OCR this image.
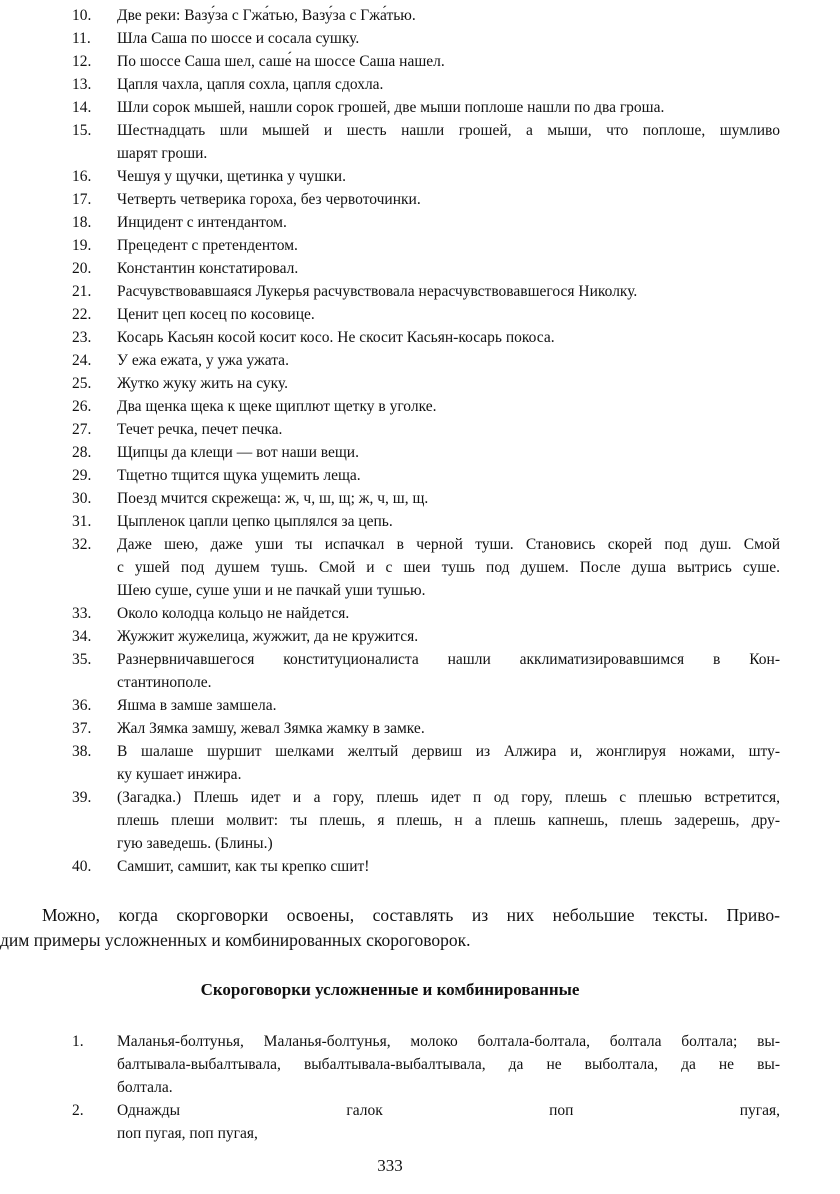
10.	Две реки: Вазу́за с Гжа́тью, Вазу́за с Гжа́тью.
11.	Шла Саша по шоссе и сосала сушку.
12.	По шоссе Саша шел, саше́ на шоссе Саша нашел.
13.	Цапля чахла, цапля сохла, цапля сдохла.
14.	Шли сорок мышей, нашли сорок грошей, две мыши поплоше нашли по два гроша.
15.	Шестнадцать шли мышей и шесть нашли грошей, а мыши, что поплоше, шумливо
шарят гроши.
16.	Чешуя у щучки, щетинка у чушки.
17.	Четверть четверика гороха, без червоточинки.
18.	Инцидент с интендантом.
19.	Прецедент с претендентом.
20.	Константин констатировал.
21.	Расчувствовавшаяся Лукерья расчувствовала нерасчувствовавшегося Николку.
22.	Ценит цеп косец по косовице.
23.	Косарь Касьян косой косит косо. Не скосит Касьян-косарь покоса.
24.	У ежа ежата, у ужа ужата.
25.	Жутко жуку жить на суку.
26.	Два щенка щека к щеке щиплют щетку в уголке.
27.	Течет речка, печет печка.
28.	Щипцы да клещи — вот наши вещи.
29.	Тщетно тщится щука ущемить леща.
30.	Поезд мчится скрежеща: ж, ч, ш, щ; ж, ч, ш, щ.
31.	Цыпленок цапли цепко цыплялся за цепь.
32.	Даже шею, даже уши ты испачкал в черной туши. Становись скорей под душ. Смой
с ушей под душем тушь. Смой и с шеи тушь под душем. После душа вытрись суше.
Шею суше, суше уши и не пачкай уши тушью.
33.	Около колодца кольцо не найдется.
34.	Жужжит жужелица, жужжит, да не кружится.
35.	Разнервничавшегося конституционалиста нашли акклиматизировавшимся в Кон-
стантинополе.
36.	Яшма в замше замшела.
37.	Жал Зямка замшу, жевал Зямка жамку в замке.
38.	В шалаше шуршит шелками желтый дервиш из Алжира и, жонглируя ножами, шту-
ку кушает инжира.
39.	(Загадка.) Плешь идет и а гору, плешь идет п од гору, плешь с плешью встретится,
плешь плеши молвит: ты плешь, я плешь, н а плешь капнешь, плешь задерешь, дру-
гую заведешь. (Блины.)
40.	Самшит, самшит, как ты крепко сшит!
Можно, когда скорговорки освоены, составлять из них небольшие тексты. Приво-
дим примеры усложненных и комбинированных скороговорок.
Скороговорки усложненные и комбинированные
1.	Маланья-болтунья, Маланья-болтунья, молоко болтала-болтала, болтала болтала; вы-
балтывала-выбалтывала, выбалтывала-выбалтывала, да не выболтала, да не вы-
болтала.
2.	Однажды галок поп пугая,
поп пугая, поп пугая,
333
